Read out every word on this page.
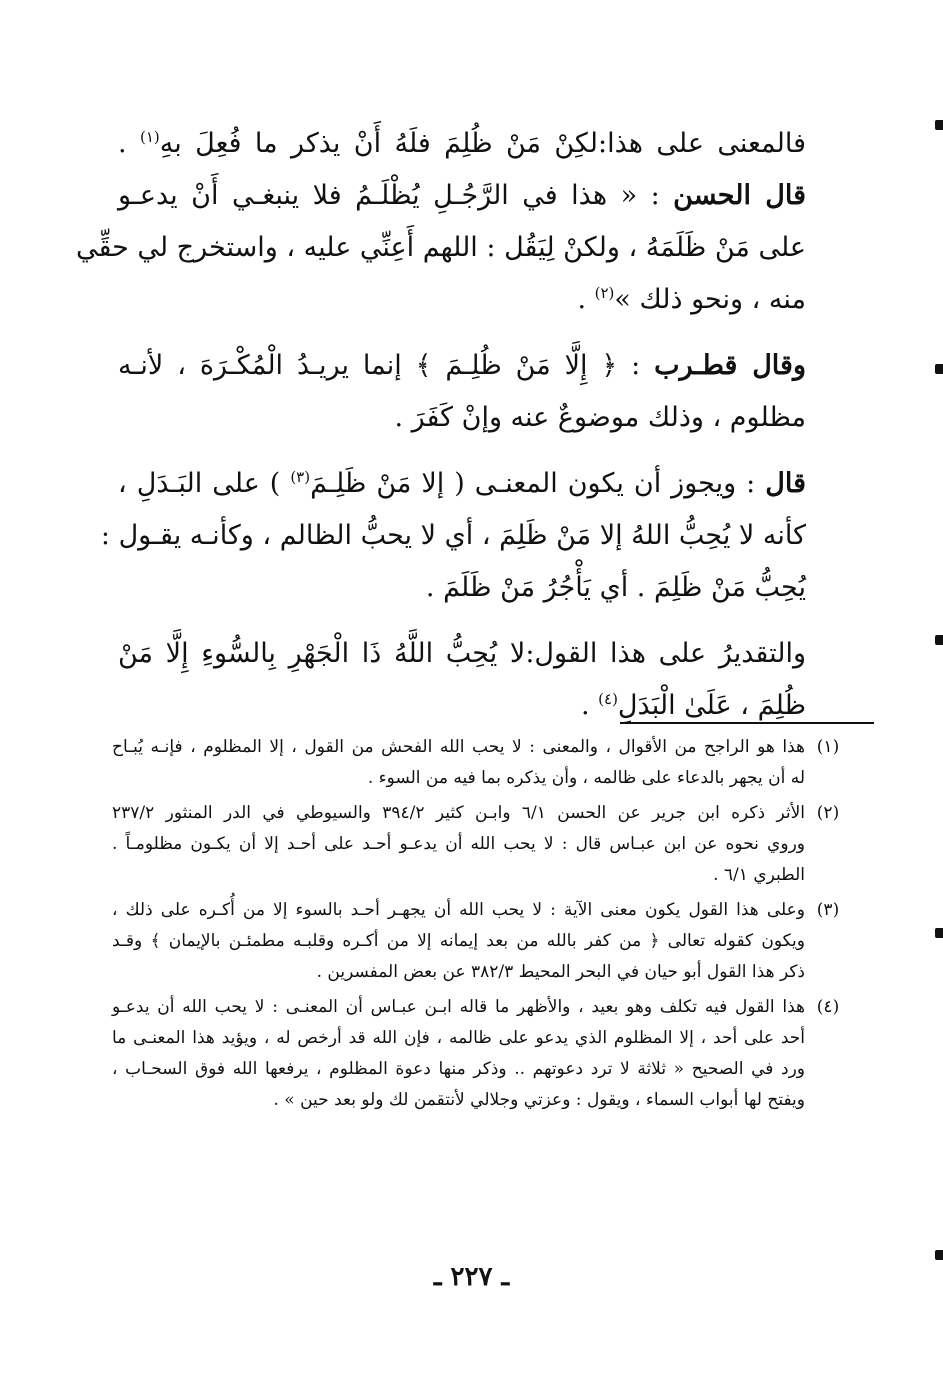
فالمعنى على هذا:لكِنْ مَنْ ظُلِمَ فلَهُ أَنْ يذكر ما فُعِلَ بهِ$^{(١)}$ .
قال الحسن : « هذا في الرَّجُـلِ يُظْلَـمُ فلا ينبغـي أَنْ يدعـو
على مَنْ ظَلَمَهُ ، ولكنْ لِيَقُل : اللهم أَعِنِّي عليه ، واستخرج لي حقِّي
منه ، ونحو ذلك »$^{(٢)}$ .
وقال قطـرب : ﴿ إِلَّا مَنْ ظُلِـمَ ﴾ إنما يريـدُ الْمُكْـرَهَ ، لأنـه
مظلوم ، وذلك موضوعٌ عنه وإنْ كَفَرَ .
قال : ويجوز أن يكون المعنـى ( إلا مَنْ ظَلِـمَ$^{(٣)}$ ) على البَـدَلِ ،
كأنه لا يُحِبُّ اللهُ إلا مَنْ ظَلِمَ ، أي لا يحبُّ الظالم ، وكأنـه يقـول :
يُحِبُّ مَنْ ظَلِمَ . أي يَأْجُرُ مَنْ ظَلَمَ .
والتقديرُ على هذا القول:لا يُحِبُّ اللَّهُ ذَا الْجَهْرِ بِالسُّوءِ إِلَّا مَنْ
ظُلِمَ ، عَلَىٰ الْبَدَلِ$^{(٤)}$ .
(١)
هذا هو الراجح من الأقوال ، والمعنى : لا يحب الله الفحش من القول ، إلا المظلوم ، فإنـه يُبـاح
له أن يجهر بالدعاء على ظالمه ، وأن يذكره بما فيه من السوء .
(٢)
الأثر ذكره ابن جرير عن الحسن ٦/١ وابـن كثير ٣٩٤/٢ والسيوطي في الدر المنثور ٢٣٧/٢
وروي نحوه عن ابن عبـاس قال : لا يحب الله أن يدعـو أحـد على أحـد إلا أن يكـون مظلومـاً .
الطبري ٦/١ .
(٣)
وعلى هذا القول يكون معنى الآية : لا يحب الله أن يجهـر أحـد بالسوء إلا من أُكـره على ذلك ،
ويكون كقوله تعالى ﴿ من كفر بالله من بعد إيمانه إلا من أكـره وقلبـه مطمئـن بالإيمان ﴾ وقـد
ذكر هذا القول أبو حيان في البحر المحيط ٣٨٢/٣ عن بعض المفسرين .
(٤)
هذا القول فيه تكلف وهو بعيد ، والأظهر ما قاله ابـن عبـاس أن المعنـى : لا يحب الله أن يدعـو
أحد على أحد ، إلا المظلوم الذي يدعو على ظالمه ، فإن الله قد أرخص له ، ويؤيد هذا المعنـى ما
ورد في الصحيح « ثلاثة لا ترد دعوتهم .. وذكر منها دعوة المظلوم ، يرفعها الله فوق السحـاب ،
ويفتح لها أبواب السماء ، ويقول : وعزتي وجلالي لأنتقمن لك ولو بعد حين » .
ـ ٢٢٧ ـ
